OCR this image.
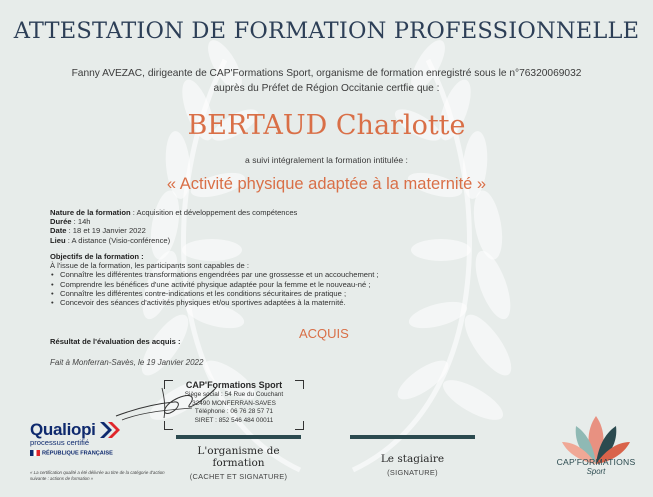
ATTESTATION DE FORMATION PROFESSIONNELLE
Fanny AVEZAC, dirigeante de CAP'Formations Sport, organisme de formation enregistré sous le n°76320069032
auprès du Préfet de Région Occitanie certfie que :
BERTAUD Charlotte
a suivi intégralement la formation intitulée :
« Activité physique adaptée à la maternité »
Nature de la formation : Acquisition et développement des compétences
Durée : 14h
Date : 18 et 19 Janvier 2022
Lieu : A distance (Visio-conférence)
Objectifs de la formation :
À l'issue de la formation, les participants sont capables de :
• Connaître les différentes transformations engendrées par une grossesse et un accouchement ;
• Comprendre les bénéfices d'une activité physique adaptée pour la femme et le nouveau-né ;
• Connaître les différentes contre-indications et les conditions sécuritaires de pratique ;
• Concevoir des séances d'activités physiques et/ou sportives adaptées à la maternité.
ACQUIS
Résultat de l'évaluation des acquis :
Fait à Monferran-Savès, le 19 Janvier 2022
CAP'Formations Sport
Siège social : 54 Rue du Couchant
32490 MONFERRAN-SAVES
Téléphone : 06 76 28 57 71
SIRET : 852 546 484 00011
L'organisme de
formation
(CACHET ET SIGNATURE)
Le stagiaire
(SIGNATURE)
Qualiopi
processus certifié
RÉPUBLIQUE FRANÇAISE
« La certification qualité a été délivrée au titre de la catégorie d'action suivante : actions de formation »
CAP'FORMATIONS
Sport
